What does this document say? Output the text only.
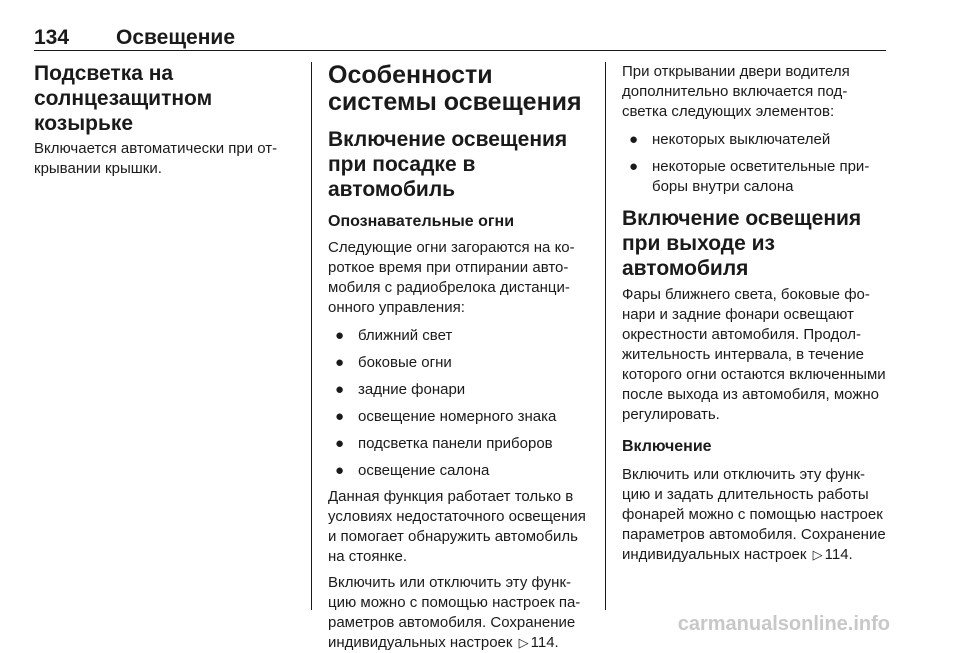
134 Освещение
Подсветка на солнцезащитном козырьке

Включается автоматически при открывании крышки.

Особенности системы освещения
Включение освещения при посадке в автомобиль
Опознавательные огни

Следующие огни загораются на короткое время при отпирании автомобиля с радиобрелока дистанционного управления:

● ближний свет
● боковые огни
● задние фонари
● освещение номерного знака
● подсветка панели приборов
● освещение салона

Данная функция работает только в условиях недостаточного освещения и помогает обнаружить автомобиль на стоянке.

Включить или отключить эту функцию можно с помощью настроек параметров автомобиля. Сохранение индивидуальных настроек ▷ 114.

При открывании двери водителя дополнительно включается подсветка следующих элементов:

● некоторых выключателей
● некоторые осветительные приборы внутри салона
Включение освещения при выходе из автомобиля

Фары ближнего света, боковые фонари и задние фонари освещают окрестности автомобиля. Продолжительность интервала, в течение которого огни остаются включенными после выхода из автомобиля, можно регулировать.

Включение

Включить или отключить эту функцию и задать длительность работы фонарей можно с помощью настроек параметров автомобиля. Сохранение индивидуальных настроек ▷ 114.

carmanualsonline.info
